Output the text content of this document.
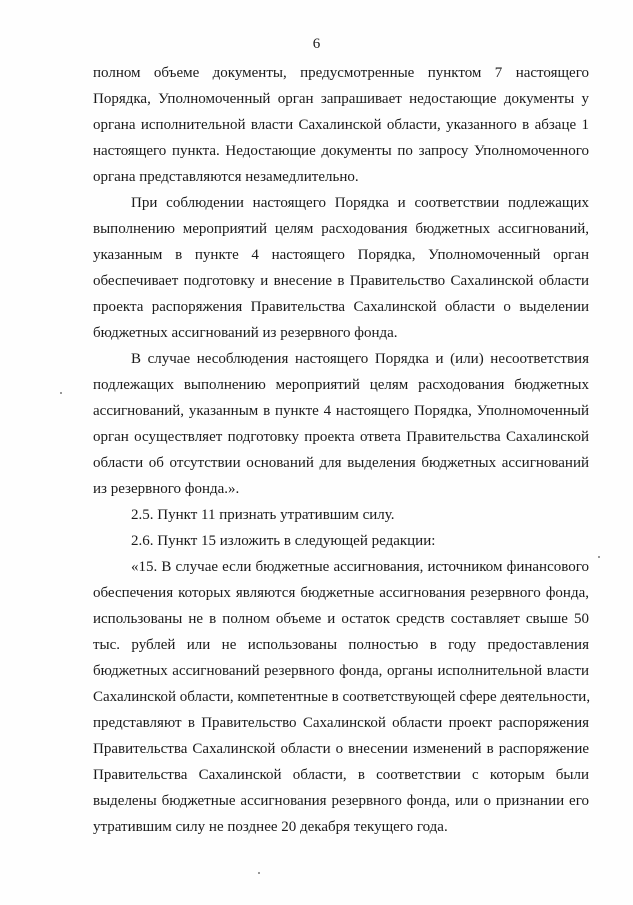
6
полном объеме документы, предусмотренные пунктом 7 настоящего
Порядка, Уполномоченный орган запрашивает недостающие документы у
органа исполнительной власти Сахалинской области, указанного в абзаце 1
настоящего пункта. Недостающие документы по запросу Уполномоченного
органа представляются незамедлительно.
При соблюдении настоящего Порядка и соответствии подлежащих
выполнению мероприятий целям расходования бюджетных ассигнований,
указанным в пункте 4 настоящего Порядка, Уполномоченный орган
обеспечивает подготовку и внесение в Правительство Сахалинской области
проекта распоряжения Правительства Сахалинской области о выделении
бюджетных ассигнований из резервного фонда.
В случае несоблюдения настоящего Порядка и (или) несоответствия
подлежащих выполнению мероприятий целям расходования бюджетных
ассигнований, указанным в пункте 4 настоящего Порядка, Уполномоченный
орган осуществляет подготовку проекта ответа Правительства Сахалинской
области об отсутствии оснований для выделения бюджетных ассигнований
из резервного фонда.».
2.5. Пункт 11 признать утратившим силу.
2.6. Пункт 15 изложить в следующей редакции:
«15. В случае если бюджетные ассигнования, источником финансового
обеспечения которых являются бюджетные ассигнования резервного фонда,
использованы не в полном объеме и остаток средств составляет свыше 50
тыс. рублей или не использованы полностью в году предоставления
бюджетных ассигнований резервного фонда, органы исполнительной власти
Сахалинской области, компетентные в соответствующей сфере деятельности,
представляют в Правительство Сахалинской области проект распоряжения
Правительства Сахалинской области о внесении изменений в распоряжение
Правительства Сахалинской области, в соответствии с которым были
выделены бюджетные ассигнования резервного фонда, или о признании его
утратившим силу не позднее 20 декабря текущего года.
